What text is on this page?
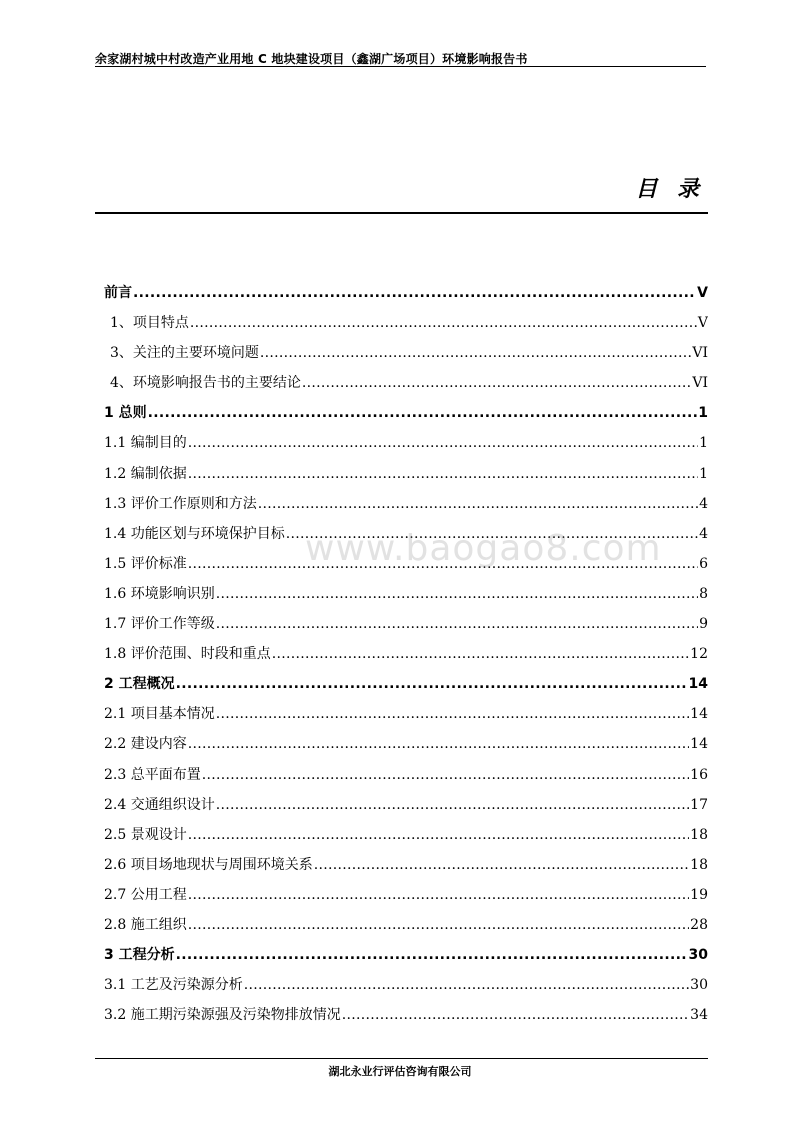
余家湖村城中村改造产业用地 C 地块建设项目（鑫湖广场项目）环境影响报告书
目 录
前言 .....	V
1、项目特点 .....	V
3、关注的主要环境问题 .....	VI
4、环境影响报告书的主要结论 .....	VI
1 总则 .....	1
1.1 编制目的 .....	1
1.2 编制依据 .....	1
1.3 评价工作原则和方法 .....	4
1.4 功能区划与环境保护目标 .....	4
1.5 评价标准 .....	6
1.6 环境影响识别 .....	8
1.7 评价工作等级 .....	9
1.8 评价范围、时段和重点 .....	12
2 工程概况 .....	14
2.1 项目基本情况 .....	14
2.2 建设内容 .....	14
2.3 总平面布置 .....	16
2.4 交通组织设计 .....	17
2.5 景观设计 .....	18
2.6 项目场地现状与周围环境关系 .....	18
2.7 公用工程 .....	19
2.8 施工组织 .....	28
3 工程分析 .....	30
3.1 工艺及污染源分析 .....	30
3.2 施工期污染源强及污染物排放情况 .....	34
www.baogao8.com
湖北永业行评估咨询有限公司
